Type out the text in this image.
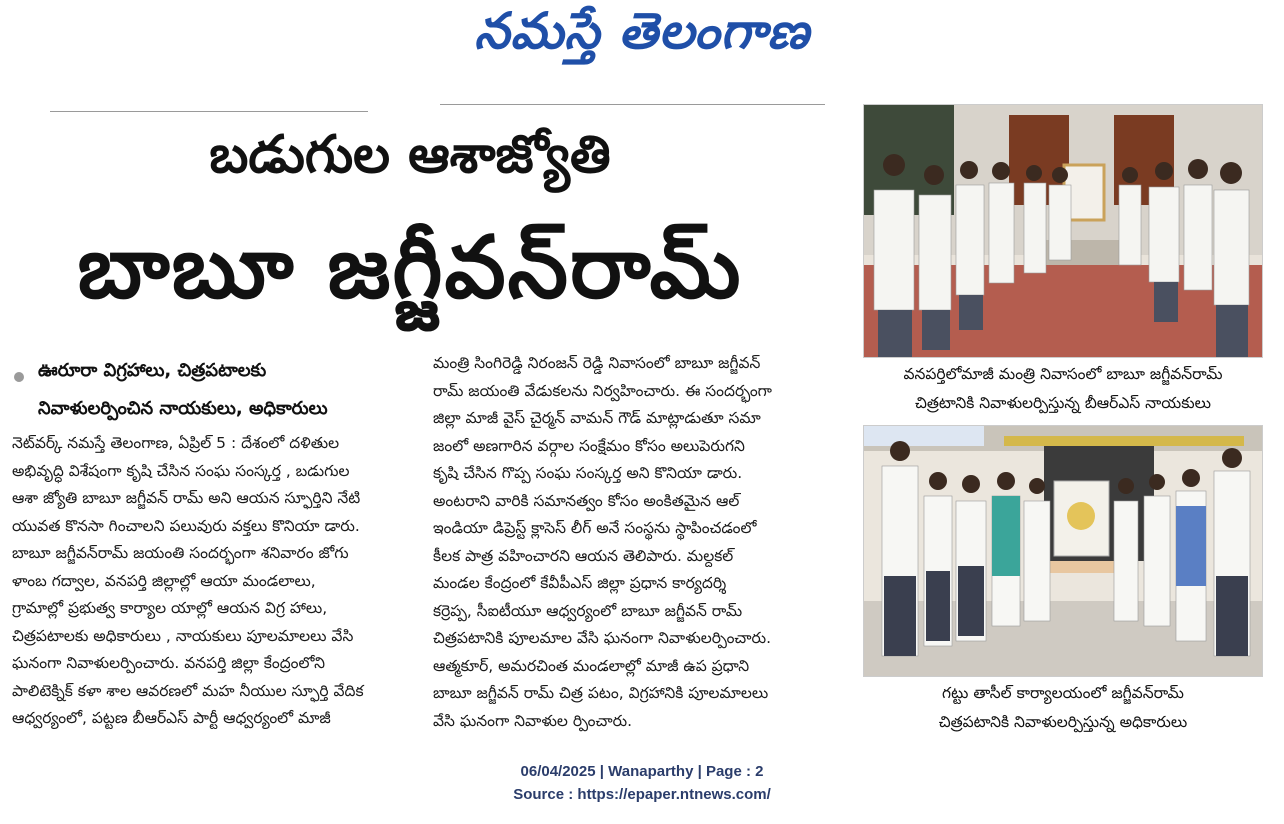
నమస్తే తెలంగాణ
బడుగుల ఆశాజ్యోతి
బాబూ జగ్జీవన్‌రామ్
ఊరూరా విగ్రహాలు, చిత్రపటాలకు
నివాళులర్పించిన నాయకులు, అధికారులు

నెట్‌వర్క్ నమస్తే తెలంగాణ, ఏప్రిల్ 5 : దేశంలో దళితుల

అభివృద్ధి విశేషంగా కృషి చేసిన సంఘ సంస్కర్త , బడుగుల

ఆశా జ్యోతి బాబూ జగ్జీవన్ రామ్ అని ఆయన స్ఫూర్తిని నేటి

యువత కొనసా గించాలని పలువురు వక్తలు కొనియా డారు.

బాబూ జగ్జీవన్‌రామ్ జయంతి సందర్భంగా శనివారం జోగు

ళాంబ గద్వాల, వనపర్తి జిల్లాల్లో ఆయా మండలాలు,

గ్రామాల్లో ప్రభుత్వ కార్యాల యాల్లో ఆయన విగ్ర హాలు,

చిత్రపటాలకు అధికారులు , నాయకులు పూలమాలలు వేసి

ఘనంగా నివాళులర్పించారు. వనపర్తి జిల్లా కేంద్రంలోని

పాలిటెక్నిక్ కళా శాల ఆవరణలో మహ నీయుల స్ఫూర్తి వేదిక

ఆధ్వర్యంలో, పట్టణ బీఆర్‌ఎస్ పార్టీ ఆధ్వర్యంలో మాజీ

మంత్రి సింగిరెడ్డి నిరంజన్ రెడ్డి నివాసంలో బాబూ జగ్జీవన్

రామ్ జయంతి వేడుకలను నిర్వహించారు. ఈ సందర్భంగా

జిల్లా మాజీ వైస్ చైర్మన్ వామన్ గౌడ్ మాట్లాడుతూ సమా

జంలో అణగారిన వర్గాల సంక్షేమం కోసం అలుపెరుగని

కృషి చేసిన గొప్ప సంఘ సంస్కర్త అని కొనియా డారు.

అంటరాని వారికి సమానత్వం కోసం అంకితమైన ఆల్

ఇండియా డిప్రెస్ట్ క్లాసెస్ లీగ్ అనే సంస్థను స్థాపించడంలో

కీలక పాత్ర వహించారని ఆయన తెలిపారు. మల్దకల్

మండల కేంద్రంలో కేవీపీఎస్ జిల్లా ప్రధాన కార్యదర్శి

కర్రెప్ప, సీఐటీయూ ఆధ్వర్యంలో బాబూ జగ్జీవన్ రామ్

చిత్రపటానికి పూలమాల వేసి ఘనంగా నివాళులర్పించారు.

ఆత్మకూర్, అమరచింత మండలాల్లో మాజీ ఉప ప్రధాని

బాబూ జగ్జీవన్ రామ్ చిత్ర పటం, విగ్రహానికి పూలమాలలు

వేసి ఘనంగా నివాళుల ర్పించారు.

వనపర్తిలోమాజీ మంత్రి నివాసంలో బాబూ జగ్జీవన్‌రామ్
చిత్రటానికి నివాళులర్పిస్తున్న బీఆర్‌ఎస్ నాయకులు
గట్టు తాసీల్ కార్యాలయంలో జగ్జీవన్‌రామ్
చిత్రపటానికి నివాళులర్పిస్తున్న అధికారులు
06/04/2025 | Wanaparthy | Page : 2
Source : https://epaper.ntnews.com/
